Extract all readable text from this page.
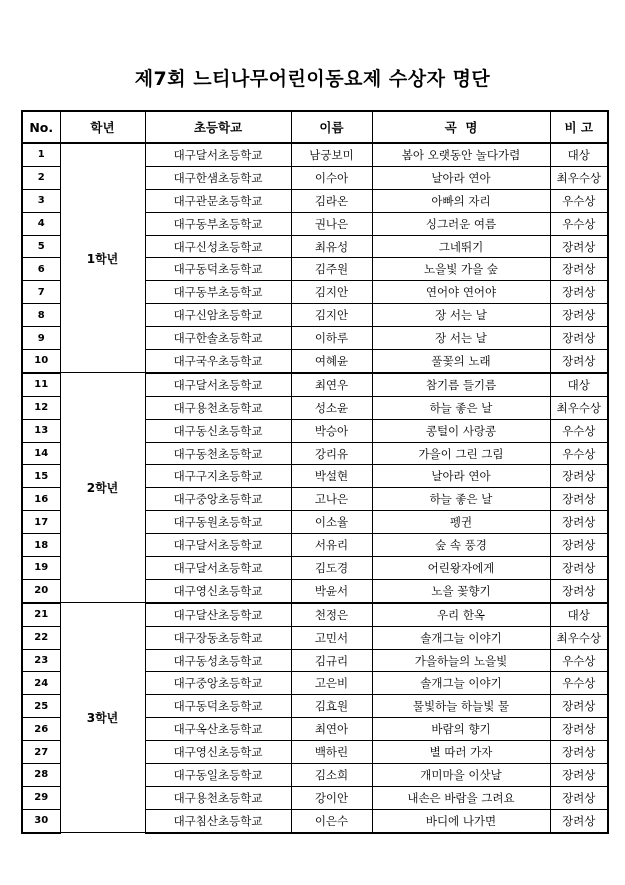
제7회 느티나무어린이동요제 수상자 명단
No.	학년	초등학교	이름	곡  명	비 고
1	1학년	대구달서초등학교	남궁보미	봄아 오랫동안 놀다가렴	대상
2		대구한샘초등학교	이수아	날아라 연아	최우수상
3		대구관문초등학교	김라온	아빠의 자리	우수상
4		대구동부초등학교	권나은	싱그러운 여름	우수상
5		대구신성초등학교	최유성	그네뛰기	장려상
6		대구동덕초등학교	김주원	노을빛 가을 숲	장려상
7		대구동부초등학교	김지안	연어야 연어야	장려상
8		대구신암초등학교	김지안	장 서는 날	장려상
9		대구한솔초등학교	이하루	장 서는 날	장려상
10		대구국우초등학교	여혜윤	풀꽃의 노래	장려상
11	2학년	대구달서초등학교	최연우	참기름 들기름	대상
12		대구용천초등학교	성소윤	하늘 좋은 날	최우수상
13		대구동신초등학교	박승아	콩털이 사랑콩	우수상
14		대구동천초등학교	강리유	가을이 그린 그림	우수상
15		대구구지초등학교	박설현	날아라 연아	장려상
16		대구중앙초등학교	고나은	하늘 좋은 날	장려상
17		대구동원초등학교	이소율	펭귄	장려상
18		대구달서초등학교	서유리	숲 속 풍경	장려상
19		대구달서초등학교	김도경	어린왕자에게	장려상
20		대구영신초등학교	박윤서	노을 꽃향기	장려상
21	3학년	대구달산초등학교	천정은	우리 한옥	대상
22		대구장동초등학교	고민서	솔개그늘 이야기	최우수상
23		대구동성초등학교	김규리	가을하늘의 노을빛	우수상
24		대구중앙초등학교	고은비	솔개그늘 이야기	우수상
25		대구동덕초등학교	김효원	물빛하늘 하늘빛 물	장려상
26		대구옥산초등학교	최연아	바람의 향기	장려상
27		대구영신초등학교	백하린	별 따러 가자	장려상
28		대구동일초등학교	김소희	개미마을 이삿날	장려상
29		대구용천초등학교	강이안	내손은 바람을 그려요	장려상
30		대구침산초등학교	이은수	바디에 나가면	장려상
